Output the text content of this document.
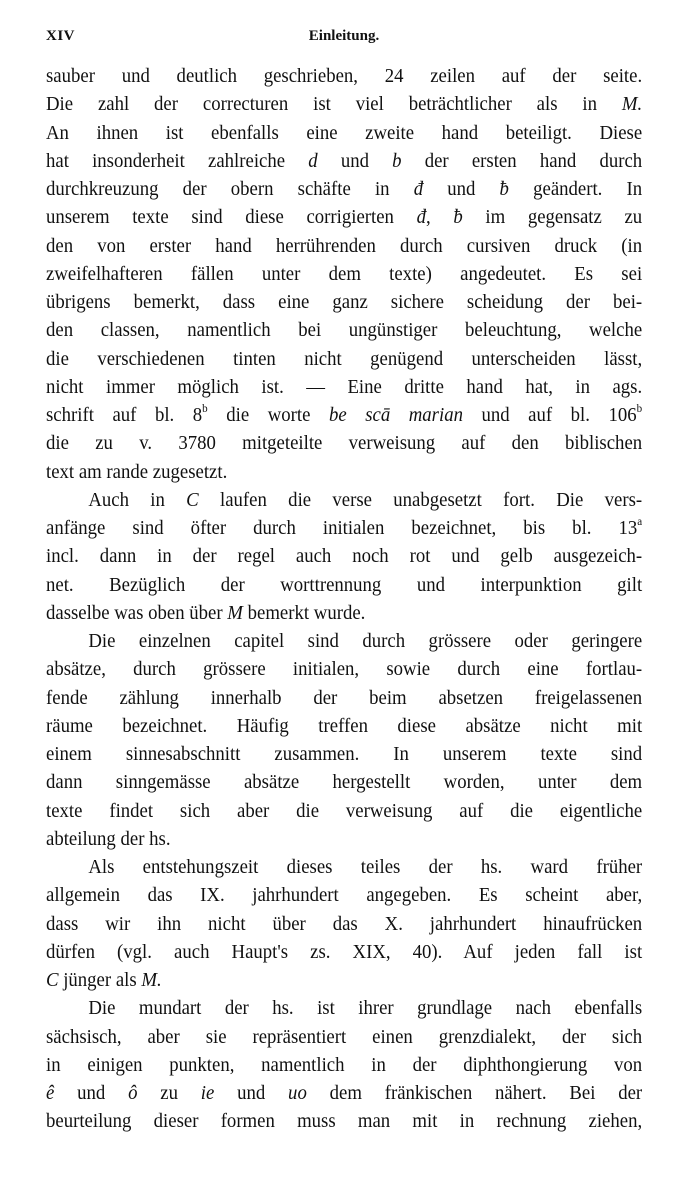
XIV	Einleitung.
sauber und deutlich geschrieben, 24 zeilen auf der seite.
Die zahl der correcturen ist viel beträchtlicher als in M.
An ihnen ist ebenfalls eine zweite hand beteiligt. Diese
hat insonderheit zahlreiche d und b der ersten hand durch
durchkreuzung der obern schäfte in đ und ƀ geändert. In
unserem texte sind diese corrigierten đ, ƀ im gegensatz zu
den von erster hand herrührenden durch cursiven druck (in
zweifelhafteren fällen unter dem texte) angedeutet. Es sei
übrigens bemerkt, dass eine ganz sichere scheidung der bei-
den classen, namentlich bei ungünstiger beleuchtung, welche
die verschiedenen tinten nicht genügend unterscheiden lässt,
nicht immer möglich ist. — Eine dritte hand hat, in ags.
schrift auf bl. 8$^b$ die worte be scā marian und auf bl. 106$^b$
die zu v. 3780 mitgeteilte verweisung auf den biblischen
text am rande zugesetzt.
Auch in C laufen die verse unabgesetzt fort. Die vers-
anfänge sind öfter durch initialen bezeichnet, bis bl. 13$^a$
incl. dann in der regel auch noch rot und gelb ausgezeich-
net. Bezüglich der worttrennung und interpunktion gilt
dasselbe was oben über M bemerkt wurde.
Die einzelnen capitel sind durch grössere oder geringere
absätze, durch grössere initialen, sowie durch eine fortlau-
fende zählung innerhalb der beim absetzen freigelassenen
räume bezeichnet. Häufig treffen diese absätze nicht mit
einem sinnesabschnitt zusammen. In unserem texte sind
dann sinngemässe absätze hergestellt worden, unter dem
texte findet sich aber die verweisung auf die eigentliche
abteilung der hs.
Als entstehungszeit dieses teiles der hs. ward früher
allgemein das IX. jahrhundert angegeben. Es scheint aber,
dass wir ihn nicht über das X. jahrhundert hinaufrücken
dürfen (vgl. auch Haupt's zs. XIX, 40). Auf jeden fall ist
C jünger als M.
Die mundart der hs. ist ihrer grundlage nach ebenfalls
sächsisch, aber sie repräsentiert einen grenzdialekt, der sich
in einigen punkten, namentlich in der diphthongierung von
ê und ô zu ie und uo dem fränkischen nähert. Bei der
beurteilung dieser formen muss man mit in rechnung ziehen,
